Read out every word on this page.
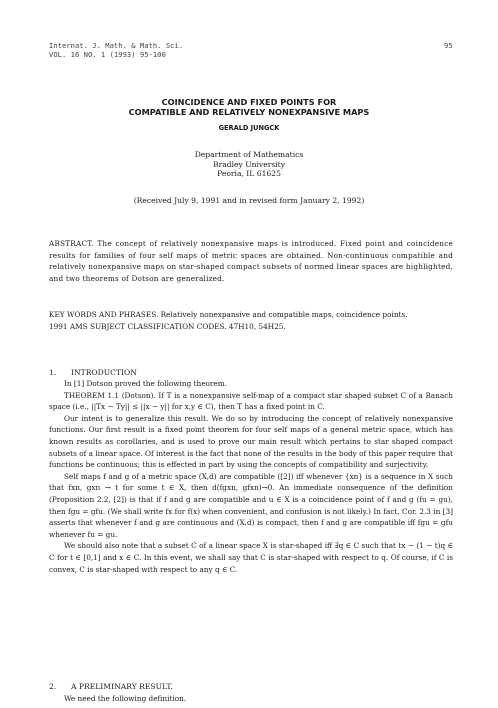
Internat. J. Math. & Math. Sci.
VOL. 16 NO. 1 (1993) 95-100
95
COINCIDENCE AND FIXED POINTS FOR
COMPATIBLE AND RELATIVELY NONEXPANSIVE MAPS
GERALD JUNGCK
Department of Mathematics
Bradley University
Peoria, IL 61625
(Received July 9, 1991 and in revised form January 2, 1992)

ABSTRACT. The concept of relatively nonexpansive maps is introduced. Fixed point and coincidence results for families of four self maps of metric spaces are obtained. Non-continuous compatible and relatively nonexpansive maps on star-shaped compact subsets of normed linear spaces are highlighted, and two theorems of Dotson are generalized.

KEY WORDS AND PHRASES. Relatively nonexpansive and compatible maps, coincidence points.

1991 AMS SUBJECT CLASSIFICATION CODES. 47H10, 54H25.

1. INTRODUCTION

In [1] Dotson proved the following theorem.

THEOREM 1.1 (Dotson). If T is a nonexpansive self-map of a compact star shaped subset C of a Banach space (i.e., ||Tx − Ty|| ≤ ||x − y|| for x,y ∈ C), then T has a fixed point in C.

Our intent is to generalize this result. We do so by introducing the concept of relatively nonexpansive functions. Our first result is a fixed point theorem for four self maps of a general metric space, which has known results as corollaries, and is used to prove our main result which pertains to star shaped compact subsets of a linear space. Of interest is the fact that none of the results in the body of this paper require that functions be continuous; this is effected in part by using the concepts of compatibility and surjectivity.

Self maps f and g of a metric space (X,d) are compatible ([2]) iff whenever {xn} is a sequence in X such that fxn, gxn → t for some t ∈ X, then d(fgxn, gfxn)→0. An immediate consequence of the definition (Proposition 2.2, [2]) is that if f and g are compatible and u ∈ X is a coincidence point of f and g (fu = gu), then fgu = gfu. (We shall write fx for f(x) when convenient, and confusion is not likely.) In fact, Cor. 2.3 in [3] asserts that whenever f and g are continuous and (X,d) is compact, then f and g are compatible iff fgu = gfu whenever fu = gu.

We should also note that a subset C of a linear space X is star-shaped iff ∃q ∈ C such that tx − (1 − t)q ∈ C for t ∈ [0,1] and x ∈ C. In this event, we shall say that C is star-shaped with respect to q. Of course, if C is convex, C is star-shaped with respect to any q ∈ C.

2. A PRELIMINARY RESULT.

We need the following definition.
